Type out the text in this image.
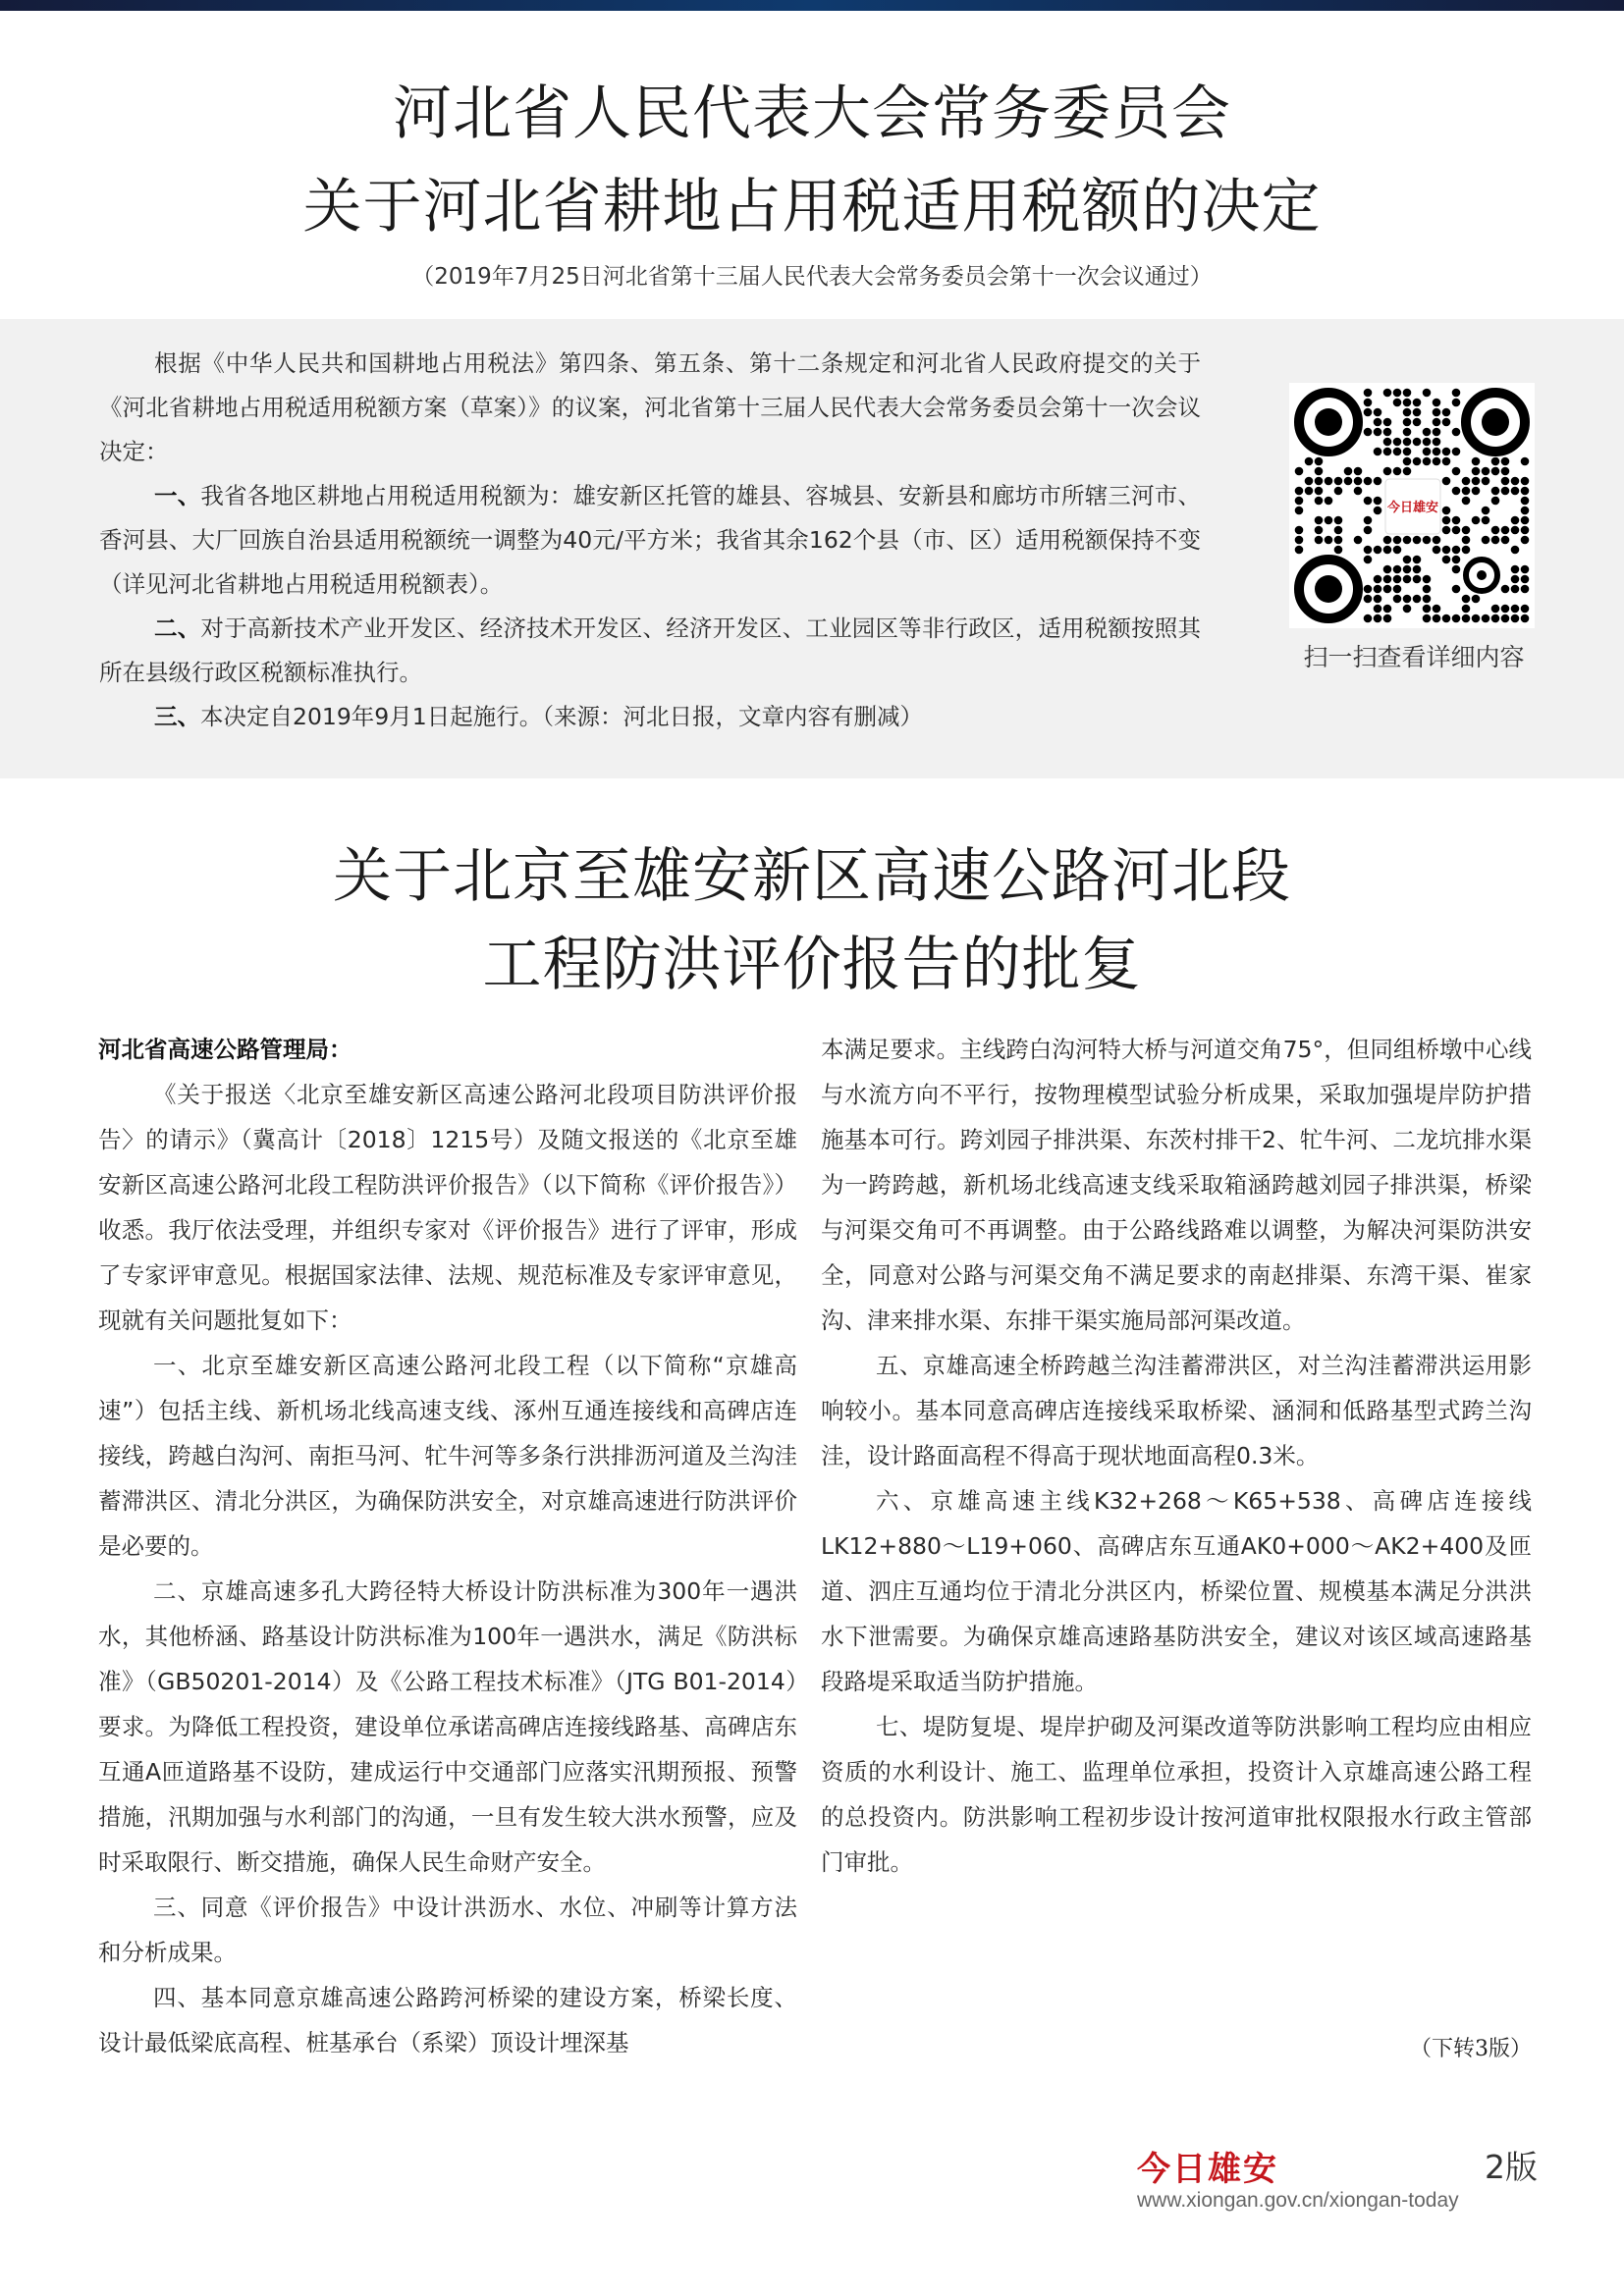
河北省人民代表大会常务委员会
关于河北省耕地占用税适用税额的决定
（2019年7月25日河北省第十三届人民代表大会常务委员会第十一次会议通过）

根据《中华人民共和国耕地占用税法》第四条、第五条、第十二条规定和河北省人民政府提交的关于《河北省耕地占用税适用税额方案（草案）》的议案，河北省第十三届人民代表大会常务委员会第十一次会议决定：

一、我省各地区耕地占用税适用税额为：雄安新区托管的雄县、容城县、安新县和廊坊市所辖三河市、香河县、大厂回族自治县适用税额统一调整为40元/平方米；我省其余162个县（市、区）适用税额保持不变（详见河北省耕地占用税适用税额表）。

二、对于高新技术产业开发区、经济技术开发区、经济开发区、工业园区等非行政区，适用税额按照其所在县级行政区税额标准执行。

三、本决定自2019年9月1日起施行。（来源：河北日报，文章内容有删减）

今日雄安
扫一扫查看详细内容
关于北京至雄安新区高速公路河北段
工程防洪评价报告的批复

河北省高速公路管理局：

《关于报送〈北京至雄安新区高速公路河北段项目防洪评价报告〉的请示》（冀高计〔2018〕1215号）及随文报送的《北京至雄安新区高速公路河北段工程防洪评价报告》（以下简称《评价报告》）收悉。我厅依法受理，并组织专家对《评价报告》进行了评审，形成了专家评审意见。根据国家法律、法规、规范标准及专家评审意见，现就有关问题批复如下：

一、北京至雄安新区高速公路河北段工程（以下简称“京雄高速”）包括主线、新机场北线高速支线、涿州互通连接线和高碑店连接线，跨越白沟河、南拒马河、牤牛河等多条行洪排沥河道及兰沟洼蓄滞洪区、清北分洪区，为确保防洪安全，对京雄高速进行防洪评价是必要的。

二、京雄高速多孔大跨径特大桥设计防洪标准为300年一遇洪水，其他桥涵、路基设计防洪标准为100年一遇洪水，满足《防洪标准》（GB50201-2014）及《公路工程技术标准》（JTG B01-2014）要求。为降低工程投资，建设单位承诺高碑店连接线路基、高碑店东互通A匝道路基不设防，建成运行中交通部门应落实汛期预报、预警措施，汛期加强与水利部门的沟通，一旦有发生较大洪水预警，应及时采取限行、断交措施，确保人民生命财产安全。

三、同意《评价报告》中设计洪沥水、水位、冲刷等计算方法和分析成果。

四、基本同意京雄高速公路跨河桥梁的建设方案，桥梁长度、设计最低梁底高程、桩基承台（系梁）顶设计埋深基

本满足要求。主线跨白沟河特大桥与河道交角75°，但同组桥墩中心线与水流方向不平行，按物理模型试验分析成果，采取加强堤岸防护措施基本可行。跨刘园子排洪渠、东茨村排干2、牤牛河、二龙坑排水渠为一跨跨越，新机场北线高速支线采取箱涵跨越刘园子排洪渠，桥梁与河渠交角可不再调整。由于公路线路难以调整，为解决河渠防洪安全，同意对公路与河渠交角不满足要求的南赵排渠、东湾干渠、崔家沟、津来排水渠、东排干渠实施局部河渠改道。

五、京雄高速全桥跨越兰沟洼蓄滞洪区，对兰沟洼蓄滞洪运用影响较小。基本同意高碑店连接线采取桥梁、涵洞和低路基型式跨兰沟洼，设计路面高程不得高于现状地面高程0.3米。

六、京雄高速主线K32+268～K65+538、高碑店连接线LK12+880～L19+060、高碑店东互通AK0+000～AK2+400及匝道、泗庄互通均位于清北分洪区内，桥梁位置、规模基本满足分洪洪水下泄需要。为确保京雄高速路基防洪安全，建议对该区域高速路基段路堤采取适当防护措施。

七、堤防复堤、堤岸护砌及河渠改道等防洪影响工程均应由相应资质的水利设计、施工、监理单位承担，投资计入京雄高速公路工程的总投资内。防洪影响工程初步设计按河道审批权限报水行政主管部门审批。

（下转3版）
今日雄安	2版
www.xiongan.gov.cn/xiongan-today
